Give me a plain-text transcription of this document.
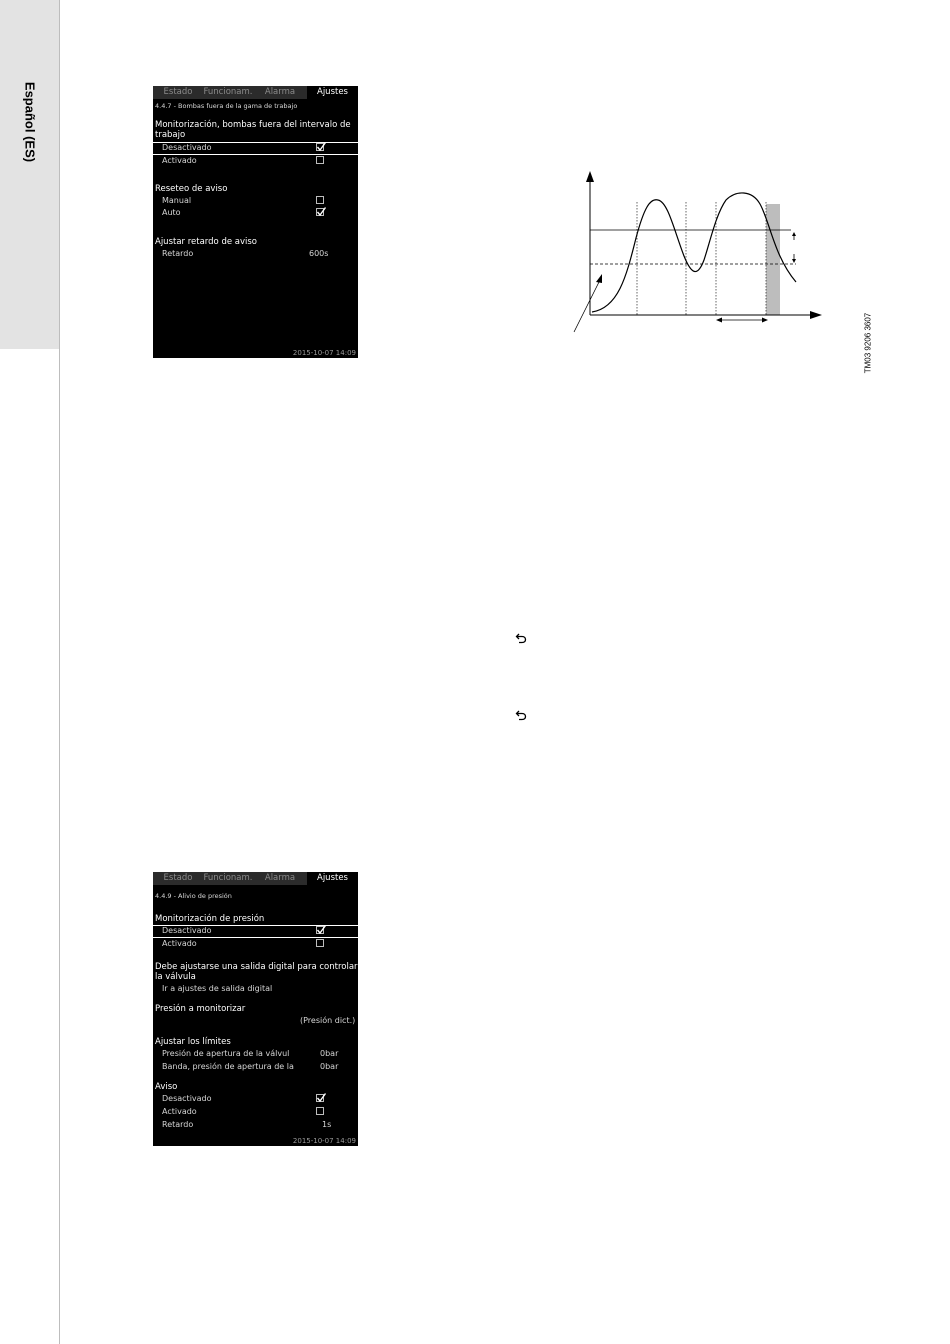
Español (ES)	Estado	Funcionam.	Alarma	Ajustes
4.4.7 - Bombas fuera de la gama de trabajo
Monitorización, bombas fuera del intervalo de
trabajo
Desactivado
Activado
Reseteo de aviso
Manual
Auto
Ajustar retardo de aviso
Retardo	600s
2015-10-07 14:09	TM03 9206 3607
Estado	Funcionam.	Alarma	Ajustes
4.4.9 - Alivio de presión
Monitorización de presión
Desactivado
Activado
Debe ajustarse una salida digital para controlar
la válvula
Ir a ajustes de salida digital
Presión a monitorizar
(Presión dict.)
Ajustar los límites
Presión de apertura de la válvul	0bar
Banda, presión de apertura de la	0bar
Aviso
Desactivado
Activado
Retardo	1s
2015-10-07 14:09
